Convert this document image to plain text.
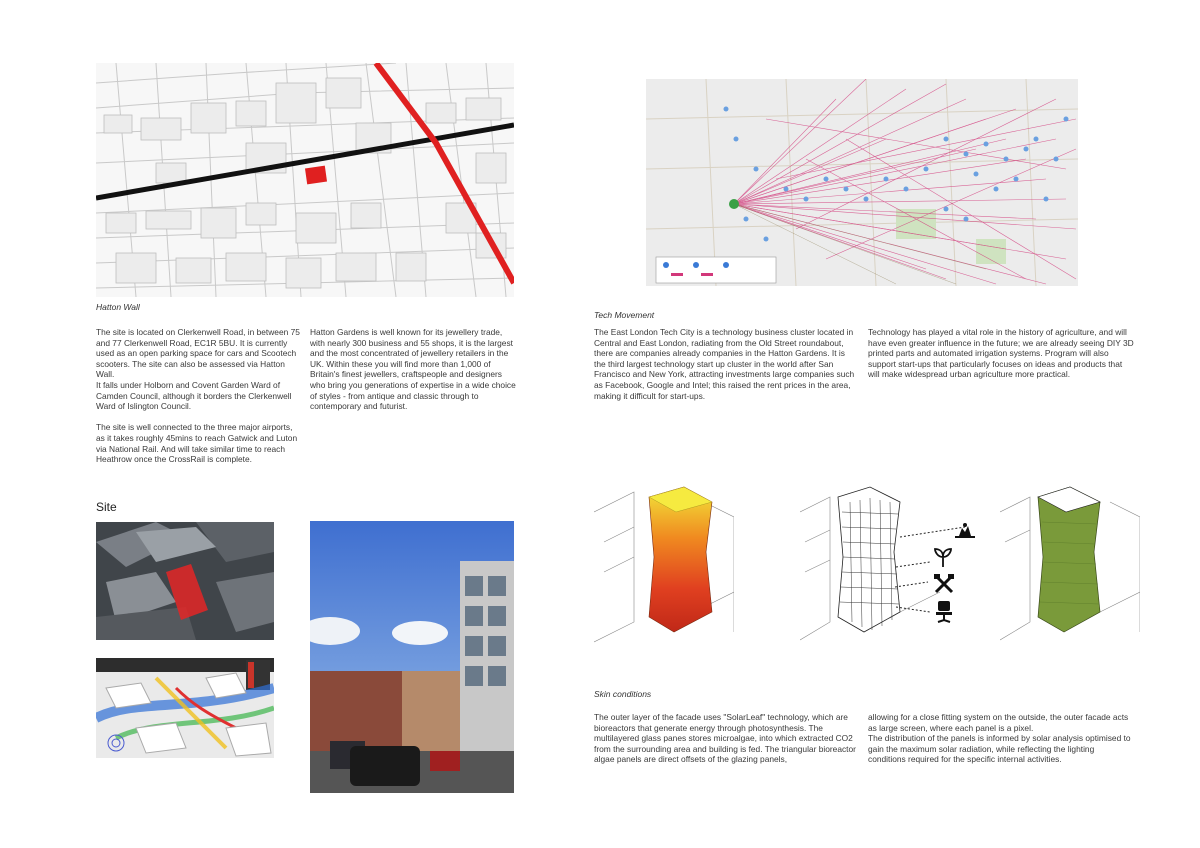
Hatton Wall
The site is located on Clerkenwell Road, in between 75 and 77 Clerkenwell Road, EC1R 5BU. It is currently used as an open parking space for cars and Scootech scooters. The site can also be assessed via Hatton Wall.
It falls under Holborn and Covent Garden Ward of Camden Council, although it borders the Clerkenwell Ward of Islington Council.

The site is well connected to the three major airports, as it takes roughly 45mins to reach Gatwick and Luton via National Rail. And will take similar time to reach Heathrow once the CrossRail is complete.
Hatton Gardens is well known for its jewellery trade, with nearly 300 business and 55 shops, it is the largest and the most concentrated of jewellery retailers in the UK. Within these you will find more than 1,000 of Britain's finest jewellers, craftspeople and designers who bring you generations of expertise in a wide choice of styles - from antique and classic through to contemporary and futurist.
Site
Tech Movement
The East London Tech City is a technology business cluster located in Central and East London, radiating from the Old Street roundabout, there are companies already companies in the Hatton Gardens. It is the third largest technology start up cluster in the world after San Francisco and New York, attracting investments large companies such as Facebook, Google and Intel; this raised the rent prices in the area, making it difficult for start-ups.
Technology has played a vital role in the history of agriculture, and will have even greater influence in the future; we are already seeing DIY 3D printed parts and automated irrigation systems. Program will also support start-ups that particularly focuses on ideas and products that will make widespread urban agriculture more practical.
Skin conditions
The outer layer of the facade uses "SolarLeaf" technology, which are bioreactors that generate energy through photosynthesis. The multilayered glass panes stores microalgae, into which extracted CO2 from the surrounding area and building is fed. The triangular bioreactor algae panels are direct offsets of the glazing panels,
allowing for a close fitting system on the outside, the outer facade acts as large screen, where each panel is a pixel.
The distribution of the panels is informed by solar analysis optimised to gain the maximum solar radiation, while reflecting the lighting conditions required for the specific internal activities.
